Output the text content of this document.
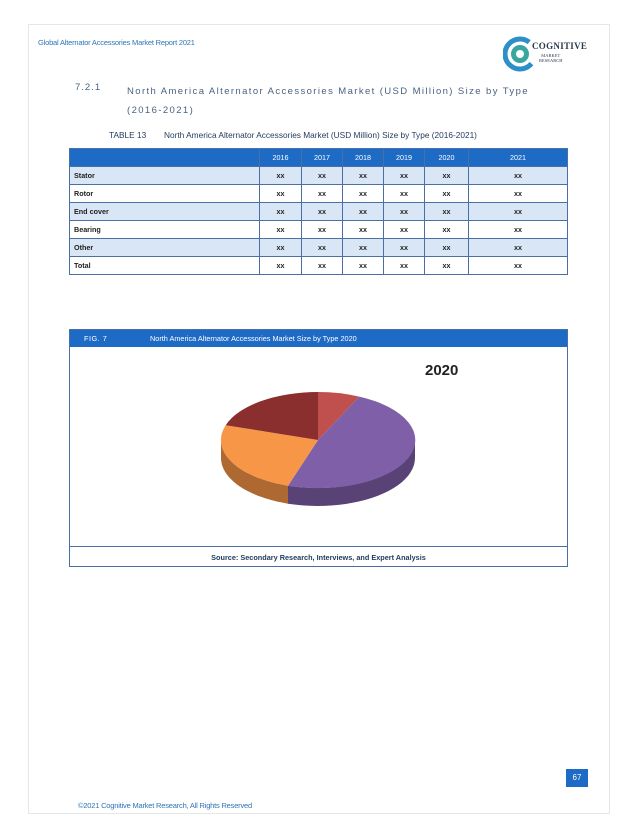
Global Alternator Accessories Market Report 2021	COGNITIVE
MARKET
RESEARCH
7.2.1	North America Alternator Accessories Market (USD Million) Size by Type (2016-2021)
TABLE 13 North America Alternator Accessories Market (USD Million) Size by Type (2016-2021)
	2016	2017	2018	2019	2020	2021
Stator	xx	xx	xx	xx	xx	xx
Rotor	xx	xx	xx	xx	xx	xx
End cover	xx	xx	xx	xx	xx	xx
Bearing	xx	xx	xx	xx	xx	xx
Other	xx	xx	xx	xx	xx	xx
Total	xx	xx	xx	xx	xx	xx
FIG. 7	North America Alternator Accessories Market Size by Type 2020
2020
Source: Secondary Research, Interviews, and Expert Analysis
67
©2021 Cognitive Market Research, All Rights Reserved
